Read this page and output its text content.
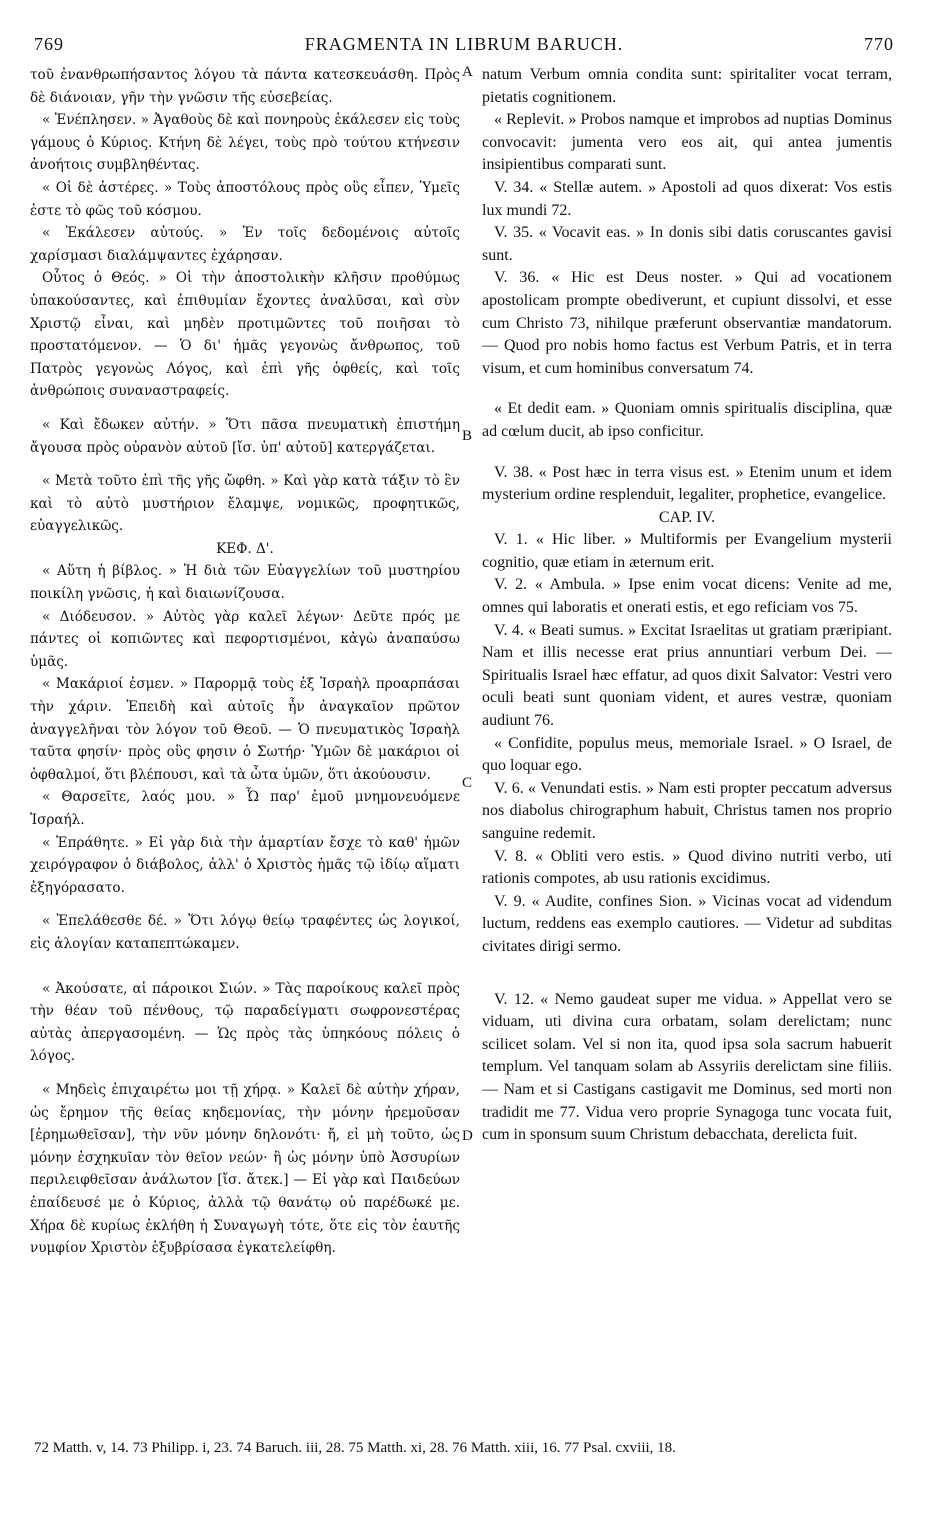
769	FRAGMENTA IN LIBRUM BARUCH.	770
A
B
C
D

τοῦ ἐνανθρωπήσαντος λόγου τὰ πάντα κατεσκευάσθη. Πρὸς δὲ διάνοιαν, γῆν τὴν γνῶσιν τῆς εὐσεβείας.

« Ἐνέπλησεν. » Ἀγαθοὺς δὲ καὶ πονηροὺς ἐκάλεσεν εἰς τοὺς γάμους ὁ Κύριος. Κτήνη δὲ λέγει, τοὺς πρὸ τούτου κτήνεσιν ἀνοήτοις συμβληθέντας.

« Οἱ δὲ ἀστέρες. » Τοὺς ἀποστόλους πρὸς οὓς εἶπεν, Ὑμεῖς ἐστε τὸ φῶς τοῦ κόσμου.

« Ἐκάλεσεν αὐτούς. » Ἐν τοῖς δεδομένοις αὐτοῖς χαρίσμασι διαλάμψαντες ἐχάρησαν.

Οὗτος ὁ Θεός. » Οἱ τὴν ἀποστολικὴν κλῆσιν προθύμως ὑπακούσαντες, καὶ ἐπιθυμίαν ἔχοντες ἀναλῦσαι, καὶ σὺν Χριστῷ εἶναι, καὶ μηδὲν προτιμῶντες τοῦ ποιῆσαι τὸ προστατόμενον. — Ὁ δι' ἡμᾶς γεγονὼς ἄνθρωπος, τοῦ Πατρὸς γεγονὼς Λόγος, καὶ ἐπὶ γῆς ὀφθείς, καὶ τοῖς ἀνθρώποις συναναστραφείς.

« Καὶ ἔδωκεν αὐτήν. » Ὅτι πᾶσα πνευματικὴ ἐπιστήμη ἄγουσα πρὸς οὐρανὸν αὐτοῦ [ἴσ. ὑπ' αὐτοῦ] κατεργάζεται.

« Μετὰ τοῦτο ἐπὶ τῆς γῆς ὤφθη. » Καὶ γὰρ κατὰ τάξιν τὸ ἓν καὶ τὸ αὐτὸ μυστήριον ἔλαμψε, νομικῶς, προφητικῶς, εὐαγγελικῶς.

ΚΕΦ. Δ'.

« Αὕτη ἡ βίβλος. » Ἡ διὰ τῶν Εὐαγγελίων τοῦ μυστηρίου ποικίλη γνῶσις, ἡ καὶ διαιωνίζουσα.

« Διόδευσον. » Αὐτὸς γὰρ καλεῖ λέγων· Δεῦτε πρός με πάντες οἱ κοπιῶντες καὶ πεφορτισμένοι, κἀγὼ ἀναπαύσω ὑμᾶς.

« Μακάριοί ἐσμεν. » Παρορμᾷ τοὺς ἐξ Ἰσραὴλ προαρπάσαι τὴν χάριν. Ἐπειδὴ καὶ αὐτοῖς ἦν ἀναγκαῖον πρῶτον ἀναγγελῆναι τὸν λόγον τοῦ Θεοῦ. — Ὁ πνευματικὸς Ἰσραὴλ ταῦτα φησίν· πρὸς οὓς φησιν ὁ Σωτήρ· Ὑμῶν δὲ μακάριοι οἱ ὀφθαλμοί, ὅτι βλέπουσι, καὶ τὰ ὦτα ὑμῶν, ὅτι ἀκούουσιν.

« Θαρσεῖτε, λαός μου. » Ὦ παρ' ἐμοῦ μνημονευόμενε Ἰσραήλ.

« Ἐπράθητε. » Εἰ γὰρ διὰ τὴν ἁμαρτίαν ἔσχε τὸ καθ' ἡμῶν χειρόγραφον ὁ διάβολος, ἀλλ' ὁ Χριστὸς ἡμᾶς τῷ ἰδίῳ αἵματι ἐξηγόρασατο.

« Ἐπελάθεσθε δέ. » Ὅτι λόγῳ θείῳ τραφέντες ὡς λογικοί, εἰς ἀλογίαν καταπεπτώκαμεν.

« Ἀκούσατε, αἱ πάροικοι Σιών. » Τὰς παροίκους καλεῖ πρὸς τὴν θέαν τοῦ πένθους, τῷ παραδείγματι σωφρονεστέρας αὐτὰς ἀπεργασομένη. — Ὡς πρὸς τὰς ὑπηκόους πόλεις ὁ λόγος.

« Μηδεὶς ἐπιχαιρέτω μοι τῇ χήρᾳ. » Καλεῖ δὲ αὑτὴν χήραν, ὡς ἔρημον τῆς θείας κηδεμονίας, τὴν μόνην ἠρεμοῦσαν [ἐρημωθεῖσαν], τὴν νῦν μόνην δηλονότι· ἤ, εἰ μὴ τοῦτο, ὡς μόνην ἐσχηκυῖαν τὸν θεῖον νεών· ἢ ὡς μόνην ὑπὸ Ἀσσυρίων περιλειφθεῖσαν ἀνάλωτον [ἴσ. ἄτεκ.] — Εἰ γὰρ καὶ Παιδεύων ἐπαίδευσέ με ὁ Κύριος, ἀλλὰ τῷ θανάτῳ οὐ παρέδωκέ με. Χήρα δὲ κυρίως ἐκλήθη ἡ Συναγωγὴ τότε, ὅτε εἰς τὸν ἑαυτῆς νυμφίον Χριστὸν ἐξυβρίσασα ἐγκατελείφθη.

natum Verbum omnia condita sunt: spiritaliter vocat terram, pietatis cognitionem.

« Replevit. » Probos namque et improbos ad nuptias Dominus convocavit: jumenta vero eos ait, qui antea jumentis insipientibus comparati sunt.

V. 34. « Stellæ autem. » Apostoli ad quos dixerat: Vos estis lux mundi 72.

V. 35. « Vocavit eas. » In donis sibi datis coruscantes gavisi sunt.

V. 36. « Hic est Deus noster. » Qui ad vocationem apostolicam prompte obediverunt, et cupiunt dissolvi, et esse cum Christo 73, nihilque præferunt observantiæ mandatorum. — Quod pro nobis homo factus est Verbum Patris, et in terra visum, et cum hominibus conversatum 74.

« Et dedit eam. » Quoniam omnis spiritualis disciplina, quæ ad cœlum ducit, ab ipso conficitur.

V. 38. « Post hæc in terra visus est. » Etenim unum et idem mysterium ordine resplenduit, legaliter, prophetice, evangelice.

CAP. IV.

V. 1. « Hic liber. » Multiformis per Evangelium mysterii cognitio, quæ etiam in æternum erit.

V. 2. « Ambula. » Ipse enim vocat dicens: Venite ad me, omnes qui laboratis et onerati estis, et ego reficiam vos 75.

V. 4. « Beati sumus. » Excitat Israelitas ut gratiam præripiant. Nam et illis necesse erat prius annuntiari verbum Dei. — Spiritualis Israel hæc effatur, ad quos dixit Salvator: Vestri vero oculi beati sunt quoniam vident, et aures vestræ, quoniam audiunt 76.

« Confidite, populus meus, memoriale Israel. » O Israel, de quo loquar ego.

V. 6. « Venundati estis. » Nam esti propter peccatum adversus nos diabolus chirographum habuit, Christus tamen nos proprio sanguine redemit.

V. 8. « Obliti vero estis. » Quod divino nutriti verbo, uti rationis compotes, ab usu rationis excidimus.

V. 9. « Audite, confines Sion. » Vicinas vocat ad videndum luctum, reddens eas exemplo cautiores. — Videtur ad subditas civitates dirigi sermo.

V. 12. « Nemo gaudeat super me vidua. » Appellat vero se viduam, uti divina cura orbatam, solam derelictam; nunc scilicet solam. Vel si non ita, quod ipsa sola sacrum habuerit templum. Vel tanquam solam ab Assyriis derelictam sine filiis. — Nam et si Castigans castigavit me Dominus, sed morti non tradidit me 77. Vidua vero proprie Synagoga tunc vocata fuit, cum in sponsum suum Christum debacchata, derelicta fuit.

72 Matth. v, 14. 73 Philipp. i, 23. 74 Baruch. iii, 28. 75 Matth. xi, 28. 76 Matth. xiii, 16. 77 Psal. cxviii, 18.
